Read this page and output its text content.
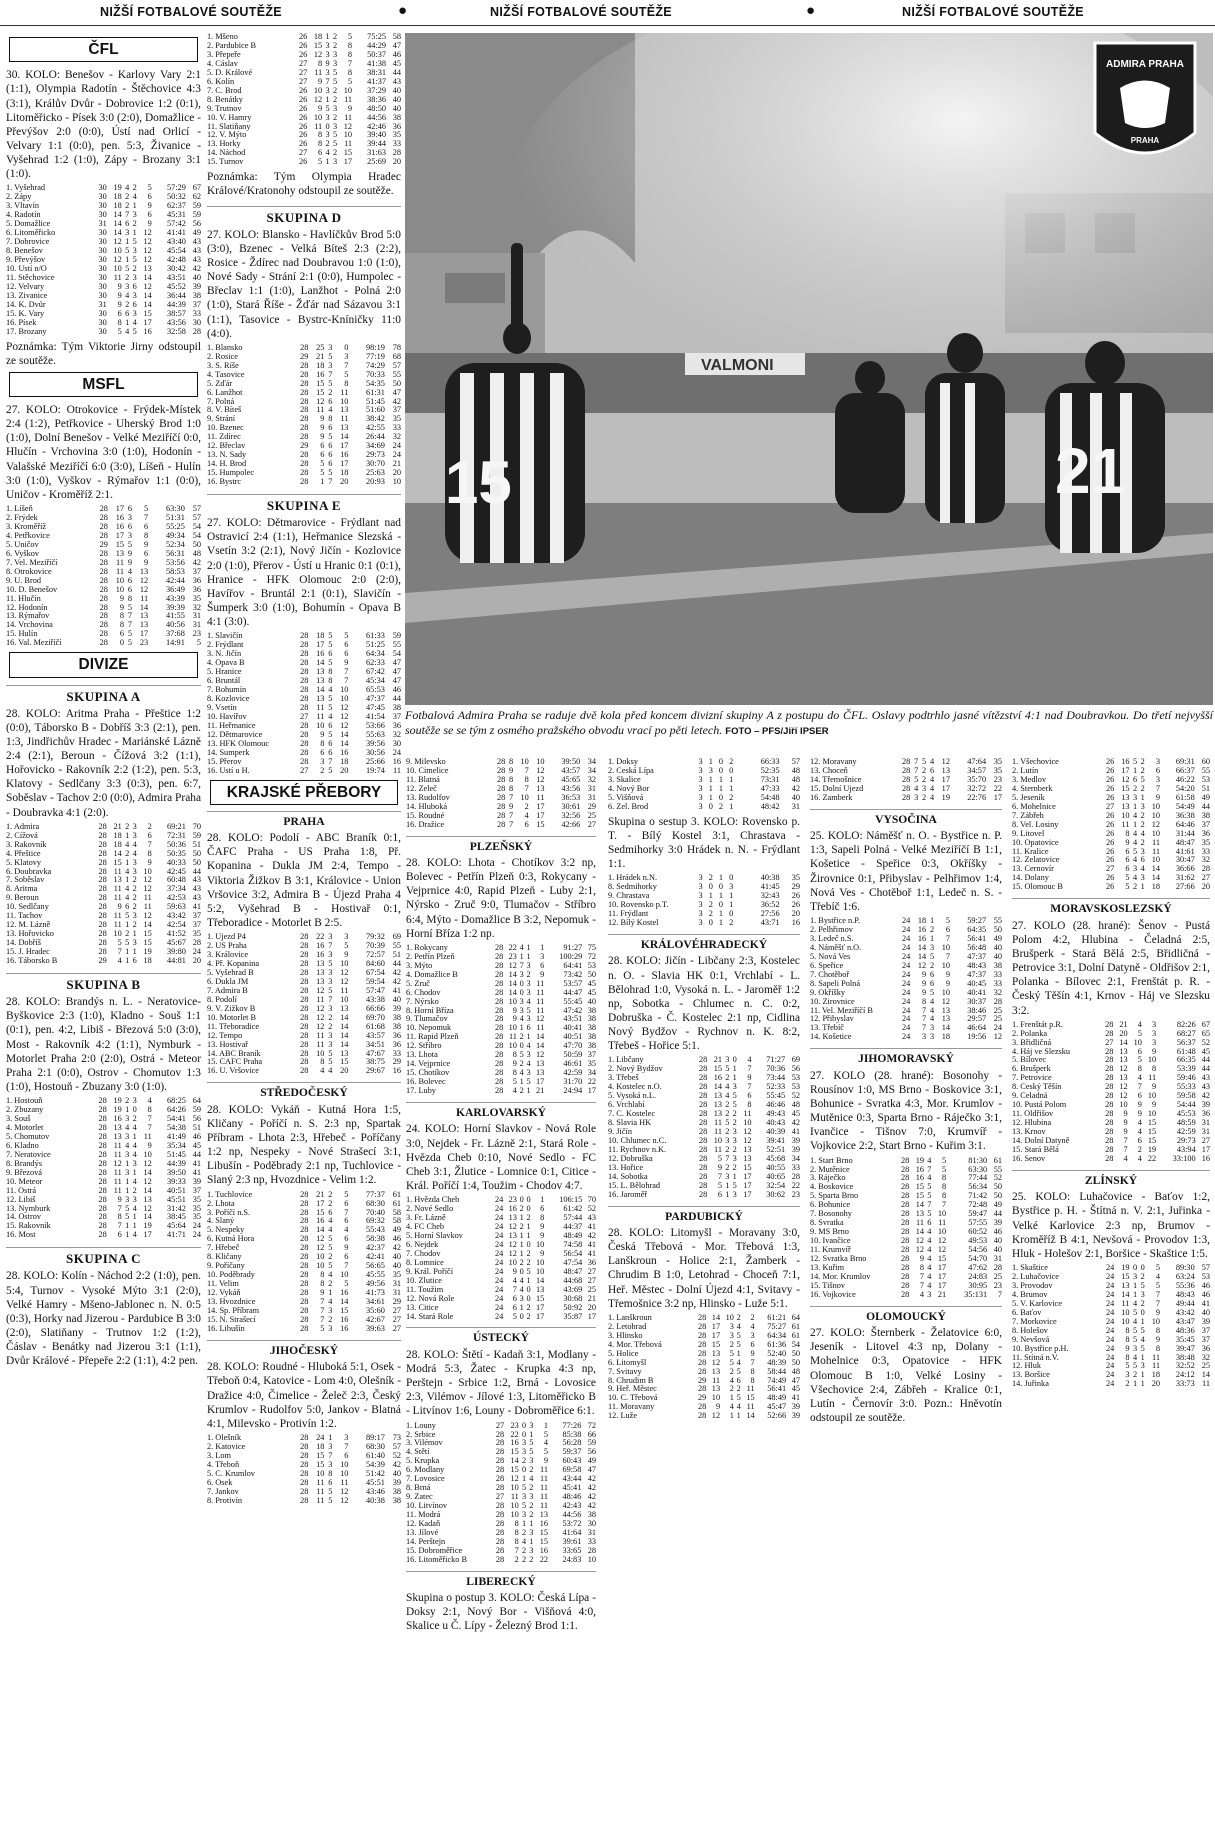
NIŽŠÍ FOTBALOVÉ SOUTĚŽE	●	NIŽŠÍ FOTBALOVÉ SOUTĚŽE	●	NIŽŠÍ FOTBALOVÉ SOUTĚŽE
ČFL

30. KOLO: Benešov - Karlovy Vary 2:1 (1:1), Olympia Radotín - Štěchovice 4:3 (3:1), Králův Dvůr - Dobrovice 1:2 (0:1), Litoměřicko - Písek 3:0 (2:0), Domažlice - Převýšov 2:0 (0:0), Ústí nad Orlicí - Velvary 1:1 (0:0), pen. 5:3, Živanice - Vyšehrad 1:2 (1:0), Zápy - Brozany 3:1 (1:0).

1. Vyšehrad	30	19	4	2	5	57:29	67
2. Zápy	30	18	2	4	6	50:32	62
3. Vltavín	30	18	2	1	9	62:37	59
4. Radotín	30	14	7	3	6	45:31	59
5. Domažlice	31	14	6	2	9	57:42	56
6. Litoměřicko	30	14	3	1	12	41:41	49
7. Dobrovice	30	12	1	5	12	43:40	43
8. Benešov	30	10	5	3	12	45:54	43
9. Převýšov	30	12	1	5	12	42:48	43
10. Ústí n/O	30	10	5	2	13	30:42	42
11. Štěchovice	30	11	2	3	14	43:51	40
12. Velvary	30	9	3	6	12	45:52	39
13. Živanice	30	9	4	3	14	36:44	38
14. K. Dvůr	31	9	2	6	14	44:39	37
15. K. Vary	30	6	6	3	15	38:57	33
16. Písek	30	8	1	4	17	43:56	30
17. Brozany	30	5	4	5	16	32:58	28

Poznámka: Tým Viktorie Jirny odstoupil ze soutěže.

MSFL

27. KOLO: Otrokovice - Frýdek-Místek 2:4 (1:2), Petřkovice - Uherský Brod 1:0 (1:0), Dolní Benešov - Velké Meziříčí 0:0, Hlučín - Vrchovina 3:0 (1:0), Hodonín - Valašské Meziříčí 6:0 (3:0), Líšeň - Hulín 3:0 (1:0), Vyškov - Rýmařov 1:1 (0:0), Uničov - Kroměříž 2:1.

1. Líšeň	28	17	6	5	63:30	57
2. Frýdek	28	16	3	7	51:31	57
3. Kroměříž	28	16	6	6	55:25	54
4. Petřkovice	28	17	3	8	49:34	54
5. Uničov	29	15	5	9	52:34	50
6. Vyškov	28	13	9	6	56:31	48
7. Vel. Meziříčí	28	11	9	9	53:56	42
8. Otrokovice	28	11	4	13	58:53	37
9. U. Brod	28	10	6	12	42:44	36
10. D. Benešov	28	10	6	12	36:49	36
11. Hlučín	28	9	8	11	43:39	35
12. Hodonín	28	9	5	14	39:39	32
13. Rýmařov	28	8	7	13	41:55	31
14. Vrchovina	28	8	7	13	40:56	31
15. Hulín	28	6	5	17	37:68	23
16. Val. Meziříčí	28	0	5	23	14:91	5
DIVIZE
SKUPINA A

28. KOLO: Aritma Praha - Přeštice 1:2 (0:0), Táborsko B - Dobříš 3:3 (2:1), pen. 1:3, Jindřichův Hradec - Mariánské Lázně 2:4 (2:1), Beroun - Čížová 3:2 (1:1), Hořovicko - Rakovník 2:2 (1:2), pen. 5:3, Klatovy - Sedlčany 3:3 (0:3), pen. 6:7, Soběslav - Tachov 2:0 (0:0), Admira Praha - Doubravka 4:1 (2:0).

1. Admira	28	21	2	3	2	69:21	70
2. Čížová	28	18	1	3	6	72:31	59
3. Rakovník	28	18	4	4	7	50:36	51
4. Přeštice	28	14	2	4	8	50:35	50
5. Klatovy	28	15	1	3	9	40:33	50
6. Doubravka	28	11	4	3	10	42:45	44
7. Soběslav	28	13	1	2	12	60:48	43
8. Aritma	28	11	4	2	12	37:34	43
9. Beroun	28	11	4	2	11	42:53	43
10. Sedlčany	28	9	6	2	11	59:63	41
11. Tachov	28	11	5	3	12	43:42	37
12. M. Lázně	28	11	1	2	14	42:54	37
13. Hořovicko	28	10	2	1	15	41:52	35
14. Dobříš	28	5	5	3	15	45:67	28
15. J. Hradec	28	7	1	1	19	39:80	24
16. Táborsko B	29	4	1	6	18	44:81	20
SKUPINA B

28. KOLO: Brandýs n. L. - Neratovice-Byškovice 2:3 (1:0), Kladno - Souš 1:1 (0:1), pen. 4:2, Libiš - Březová 5:0 (3:0), Most - Rakovník 4:2 (1:1), Nymburk - Motorlet Praha 2:0 (2:0), Ostrá - Meteor Praha 2:1 (0:0), Ostrov - Chomutov 1:3 (1:0), Hostouň - Zbuzany 3:0 (1:0).

1. Hostouň	28	19	2	3	4	68:25	64
2. Zbuzany	28	19	1	0	8	64:26	59
3. Souš	28	16	3	2	7	54:41	56
4. Motorlet	28	13	4	4	7	54:38	51
5. Chomutov	28	13	3	1	11	41:49	46
6. Kladno	28	11	4	4	9	35:34	45
7. Neratovice	28	11	3	4	10	51:45	44
8. Brandýs	28	12	1	3	12	44:39	41
9. Březová	28	11	3	1	14	39:50	41
10. Meteor	28	11	1	4	12	39:33	39
11. Ostrá	28	11	1	2	14	40:51	37
12. Libiš	28	9	3	3	13	45:51	35
13. Nymburk	28	7	5	4	12	31:42	35
14. Ostrov	28	8	5	1	14	38:45	35
15. Rakovník	28	7	1	1	19	45:64	24
16. Most	28	6	1	4	17	41:71	24
SKUPINA C

28. KOLO: Kolín - Náchod 2:2 (1:0), pen. 5:4, Turnov - Vysoké Mýto 3:1 (2:0), Velké Hamry - Mšeno-Jablonec n. N. 0:5 (0:3), Horky nad Jizerou - Pardubice B 3:0 (2:0), Slatiňany - Trutnov 1:2 (1:2), Čáslav - Benátky nad Jizerou 3:1 (1:1), Dvůr Králové - Přepeře 2:2 (1:1), 4:2 pen.

1. Mšeno	26	18	1	2	5	75:25	58
2. Pardubice B	26	15	3	2	8	44:29	47
3. Přepeře	26	12	3	3	8	50:37	46
4. Čáslav	27	8	9	3	7	41:38	45
5. D. Králové	27	11	3	5	8	38:31	44
6. Kolín	27	9	7	5	5	41:37	43
7. Č. Brod	26	10	3	2	10	37:29	40
8. Benátky	26	12	1	2	11	38:36	40
9. Trutnov	26	9	5	3	9	48:50	40
10. V. Hamry	26	10	3	2	11	44:56	38
11. Slatiňany	26	11	0	3	12	42:46	36
12. V. Mýto	26	8	3	5	10	39:40	35
13. Horky	26	8	2	5	11	39:44	33
14. Náchod	27	6	4	2	15	31:63	28
15. Turnov	26	5	1	3	17	25:69	20

Poznámka: Tým Olympia Hradec Králové/Kratonohy odstoupil ze soutěže.

SKUPINA D

27. KOLO: Blansko - Havlíčkův Brod 5:0 (3:0), Bzenec - Velká Bíteš 2:3 (2:2), Rosice - Ždírec nad Doubravou 1:0 (1:0), Nové Sady - Strání 2:1 (0:0), Humpolec - Břeclav 1:1 (1:0), Lanžhot - Polná 2:0 (1:0), Stará Říše - Žďár nad Sázavou 3:1 (1:1), Tasovice - Bystrc-Kníničky 11:0 (4:0).

1. Blansko	28	25	3	0	98:19	78
2. Rosice	29	21	5	3	77:19	68
3. S. Říše	28	18	3	7	74:29	57
4. Tasovice	28	16	7	5	70:33	55
5. Žďár	28	15	5	8	54:35	50
6. Lanžhot	28	15	2	11	61:31	47
7. Polná	28	12	6	10	51:45	42
8. V. Bíteš	28	11	4	13	51:60	37
9. Strání	28	9	8	11	38:42	35
10. Bzenec	28	9	6	13	42:55	33
11. Ždírec	28	9	5	14	26:44	32
12. Břeclav	29	6	6	17	34:69	24
13. N. Sady	28	6	6	16	29:73	24
14. H. Brod	28	5	6	17	30:70	21
15. Humpolec	28	5	5	18	25:63	20
16. Bystrc	28	1	7	20	20:93	10
SKUPINA E

27. KOLO: Dětmarovice - Frýdlant nad Ostravicí 2:4 (1:1), Heřmanice Slezská - Vsetín 3:2 (2:1), Nový Jičín - Kozlovice 2:0 (1:0), Přerov - Ústí u Hranic 0:1 (0:1), Hranice - HFK Olomouc 2:0 (2:0), Havířov - Bruntál 2:1 (0:1), Slavičín - Šumperk 3:0 (1:0), Bohumín - Opava B 4:1 (3:0).

1. Slavičín	28	18	5	5	61:33	59
2. Frýdlant	28	17	5	6	51:25	55
3. N. Jičín	28	16	6	6	64:34	54
4. Opava B	28	14	5	9	62:33	47
5. Hranice	28	13	8	7	67:42	47
6. Bruntál	28	13	8	7	45:34	47
7. Bohumín	28	14	4	10	65:53	46
8. Kozlovice	28	13	5	10	47:37	44
9. Vsetín	28	11	5	12	47:45	38
10. Havířov	27	11	4	12	41:54	37
11. Heřmanice	28	10	6	12	53:66	36
12. Dětmarovice	28	9	5	14	55:63	32
13. HFK Olomouc	28	8	6	14	39:56	30
14. Šumperk	28	6	6	16	30:56	24
15. Přerov	28	3	7	18	25:66	16
16. Ústí u H.	27	2	5	20	19:74	11
KRAJSKÉ PŘEBORY
PRAHA

28. KOLO: Podolí - ABC Braník 0:1, ČAFC Praha - US Praha 1:8, Př. Kopanina - Dukla JM 2:4, Tempo - Viktoria Žižkov B 3:1, Královice - Union Vršovice 3:2, Admira B - Újezd Praha 4 5:2, Vyšehrad B - Hostivař 0:1, Třeboradice - Motorlet B 2:5.

1. Újezd P4	28	22	3	3	79:32	69
2. US Praha	28	16	7	5	70:39	55
3. Královice	28	16	3	9	72:57	51
4. Př. Kopanina	28	13	5	10	84:60	44
5. Vyšehrad B	28	13	3	12	67:54	42
6. Dukla JM	28	13	3	12	59:54	42
7. Admira B	28	12	5	11	57:47	41
8. Podolí	28	11	7	10	43:38	40
9. V. Žižkov B	28	12	3	13	66:66	39
10. Motorlet B	28	12	2	14	69:70	38
11. Třeboradice	28	12	2	14	61:68	38
12. Tempo	28	11	3	14	43:57	36
13. Hostivař	28	11	3	14	34:51	36
14. ABC Braník	28	10	5	13	47:67	33
15. ČAFC Praha	28	8	5	15	38:75	29
16. U. Vršovice	28	4	4	20	29:67	16
STŘEDOČESKÝ

28. KOLO: Vykáň - Kutná Hora 1:5, Kličany - Poříčí n. S. 2:3 np, Spartak Příbram - Lhota 2:3, Hřebeč - Poříčany 1:2 np, Nespeky - Nové Strašecí 3:1, Libušín - Poděbrady 2:1 np, Tuchlovice - Slaný 2:3 np, Hvozdnice - Velim 1:2.

1. Tuchlovice	28	21	2	5	77:37	61
2. Lhota	28	17	2	6	68:30	61
3. Poříčí n.S.	28	15	6	7	70:40	58
4. Slaný	28	16	4	6	69:32	58
5. Nespeky	28	14	4	4	55:43	49
6. Kutná Hora	28	12	5	6	58:38	46
7. Hřebeč	28	12	5	9	42:37	42
8. Kličany	28	10	2	6	42:41	40
9. Poříčany	28	10	5	7	56:65	40
10. Poděbrady	28	8	4	10	45:55	35
11. Velim	28	8	2	5	49:56	31
12. Vykáň	28	9	1	16	41:73	31
13. Hvozdnice	28	7	4	14	34:61	29
14. Sp. Příbram	28	7	3	15	35:60	27
15. N. Strašecí	28	7	2	16	42:67	27
16. Libušín	28	5	3	16	39:63	27
JIHOČESKÝ

28. KOLO: Roudné - Hluboká 5:1, Osek - Třeboň 0:4, Katovice - Lom 4:0, Olešník - Dražice 4:0, Čimelice - Želeč 2:3, Český Krumlov - Rudolfov 5:0, Jankov - Blatná 4:1, Milevsko - Protivín 1:2.

1. Olešník	28	24	1	3	89:17	73
2. Katovice	28	18	3	7	68:30	57
3. Lom	28	15	7	6	61:40	52
4. Třeboň	28	15	3	10	54:39	42
5. Č. Krumlov	28	10	8	10	51:42	40
6. Osek	28	11	6	11	45:51	39
7. Jankov	28	11	5	12	43:46	38
8. Protivín	28	11	5	12	40:38	38
15	21
VALMONI
ADMIRA PRAHA
PRAHA
Fotbalová Admira Praha se raduje dvě kola před koncem divizní skupiny A z postupu do ČFL. Oslavy podtrhlo jasné vítězství 4:1 nad Doubravkou. Do třetí nejvyšší soutěže se se tým z osmého pražského obvodu vrací po pěti letech. FOTO – PFS/Jiří IPSER
9. Milevsko	28	8	10	10	39:50	34
10. Čimelice	28	9	7	12	43:57	34
11. Blatná	28	8	8	12	45:65	32
12. Želeč	28	8	7	13	43:56	31
13. Rudolfov	28	7	10	11	36:53	31
14. Hluboká	28	9	2	17	30:61	29
15. Roudné	28	7	4	17	32:56	25
16. Dražice	28	7	6	15	42:66	27
PLZEŇSKÝ

28. KOLO: Lhota - Chotíkov 3:2 np, Bolevec - Petřín Plzeň 0:3, Rokycany - Vejprnice 4:0, Rapid Plzeň - Luby 2:1, Nýrsko - Zruč 9:0, Tlumačov - Stříbro 6:4, Mýto - Domažlice B 3:2, Nepomuk - Horní Bříza 1:2 np.

1. Rokycany	28	22	4	1	1	91:27	75
2. Petřín Plzeň	28	23	1	1	3	100:29	72
3. Mýto	28	12	7	3	6	64:41	53
4. Domažlice B	28	14	3	2	9	73:42	50
5. Zruč	28	14	0	3	11	53:57	45
6. Chodov	28	14	0	3	11	44:47	45
7. Nýrsko	28	10	3	4	11	55:45	40
8. Horní Bříza	28	9	3	5	11	47:42	38
9. Tlumačov	28	9	4	3	12	43:51	38
10. Nepomuk	28	10	1	6	11	40:41	38
11. Rapid Plzeň	28	11	2	1	14	40:51	38
12. Stříbro	28	10	0	4	14	47:70	38
13. Lhota	28	8	5	3	12	50:59	37
14. Vejprnice	28	9	2	4	13	46:61	35
15. Chotíkov	28	8	4	3	13	42:59	34
16. Bolevec	28	5	1	5	17	31:70	22
17. Luby	28	4	2	1	21	24:94	17
KARLOVARSKÝ

24. KOLO: Horní Slavkov - Nová Role 3:0, Nejdek - Fr. Lázně 2:1, Stará Role - Hvězda Cheb 0:10, Nové Sedlo - FC Cheb 3:1, Žlutice - Lomnice 0:1, Citice - Král. Poříčí 1:4, Toužim - Chodov 4:7.

1. Hvězda Cheb	24	23	0	0	1	106:15	70
2. Nové Sedlo	24	16	2	0	6	61:42	52
3. Fr. Lázně	24	13	1	2	8	57:44	43
4. FC Cheb	24	12	2	1	9	44:37	41
5. Horní Slavkov	24	13	1	1	9	48:49	42
6. Nejdek	24	12	1	0	10	74:58	41
7. Chodov	24	12	1	2	9	56:54	41
8. Lomnice	24	10	2	2	10	47:54	36
9. Král. Poříčí	24	9	0	5	10	48:47	27
10. Žlutice	24	4	4	1	14	44:68	27
11. Toužim	24	7	4	0	13	43:69	25
12. Nová Role	24	6	3	0	15	30:68	21
13. Citice	24	6	1	2	17	50:92	20
14. Stará Role	24	5	0	2	17	35:87	17
ÚSTECKÝ

28. KOLO: Štětí - Kadaň 3:1, Modlany - Modrá 5:3, Žatec - Krupka 4:3 np, Perštejn - Srbice 1:2, Brná - Lovosice 2:3, Vilémov - Jílové 1:3, Litoměřicko B - Litvínov 1:6, Louny - Dobroměřice 6:1.

1. Louny	27	23	0	3	1	77:26	72
2. Srbice	28	22	0	1	5	85:38	66
3. Vilémov	28	16	3	5	4	56:28	59
4. Štětí	28	15	3	5	5	59:37	56
5. Krupka	28	14	2	3	9	60:43	49
6. Modlany	28	15	0	2	11	69:58	47
7. Lovosice	28	12	1	4	11	43:44	42
8. Brná	28	10	5	2	11	45:41	42
9. Žatec	27	11	3	3	11	48:46	42
10. Litvínov	28	10	5	2	11	42:43	42
11. Modrá	28	10	3	2	13	44:56	38
12. Kadaň	28	8	1	1	16	53:72	30
13. Jílové	28	8	2	3	15	41:64	31
14. Perštejn	28	8	4	1	15	39:61	33
15. Dobroměřice	28	7	2	3	16	33:65	28
16. Litoměřicko B	28	2	2	2	22	24:83	10
LIBERECKÝ

Skupina o postup 3. KOLO: Česká Lípa - Doksy 2:1, Nový Bor - Višňová 4:0, Skalice u Č. Lípy - Železný Brod 1:1.

1. Doksy	3	1	0	2	66:33	57
2. Česká Lípa	3	3	0	0	52:35	48
3. Skalice	3	1	1	1	73:31	48
4. Nový Bor	3	1	1	1	47:33	42
5. Višňová	3	1	0	2	54:48	40
6. Žel. Brod	3	0	2	1	48:42	31

Skupina o sestup 3. KOLO: Rovensko p. T. - Bílý Kostel 3:1, Chrastava - Sedmihorky 3:0 Hrádek n. N. - Frýdlant 1:1.

1. Hrádek n.N.	3	2	1	0	40:38	35
8. Sedmihorky	3	0	0	3	41:45	29
9. Chrastava	3	1	1	1	32:43	26
10. Rovensko p.T.	3	2	0	1	36:52	26
11. Frýdlant	3	2	1	0	27:56	20
12. Bílý Kostel	3	0	1	2	43:71	16
KRÁLOVÉHRADECKÝ

28. KOLO: Jičín - Libčany 2:3, Kostelec n. O. - Slavia HK 0:1, Vrchlabí - L. Bělohrad 1:0, Vysoká n. L. - Jaroměř 1:2 np, Sobotka - Chlumec n. C. 0:2, Dobruška - Č. Kostelec 2:1 np, Cidlina Nový Bydžov - Rychnov n. K. 8:2, Třebeš - Hořice 5:1.

1. Libčany	28	21	3	0	4	71:27	69
2. Nový Bydžov	28	15	5	1	7	70:36	56
3. Třebeš	28	16	2	1	9	73:44	53
4. Kostelec n.O.	28	14	4	3	7	52:33	53
5. Vysoká n.L.	28	13	4	5	6	55:45	52
6. Vrchlabí	28	13	2	5	8	46:46	48
7. Č. Kostelec	28	13	2	2	11	49:43	45
8. Slavia HK	28	11	5	2	10	40:43	42
9. Jičín	28	11	2	3	12	40:39	41
10. Chlumec n.C.	28	10	3	3	12	39:41	39
11. Rychnov n.K.	28	11	2	2	13	52:51	39
12. Dobruška	28	5	7	3	13	45:68	34
13. Hořice	28	9	2	2	15	40:55	33
14. Sobotka	28	7	3	1	17	40:65	28
15. L. Bělohrad	28	5	1	5	17	32:54	22
16. Jaroměř	28	6	1	3	17	30:62	23
PARDUBICKÝ

28. KOLO: Litomyšl - Moravany 3:0, Česká Třebová - Mor. Třebová 1:3, Lanškroun - Holice 2:1, Žamberk - Chrudim B 1:0, Letohrad - Choceň 7:1, Heř. Městec - Dolní Újezd 4:1, Svitavy - Třemošnice 3:2 np, Hlinsko - Luže 5:1.

1. Lanškroun	28	14	10	2	2	61:21	64
2. Letohrad	28	17	3	4	4	75:27	61
3. Hlinsko	28	17	3	5	3	64:34	61
4. Mor. Třebová	28	15	2	5	6	61:36	54
5. Holice	28	13	5	1	9	52:40	50
6. Litomyšl	28	12	5	4	7	48:39	50
7. Svitavy	28	13	2	5	8	58:44	48
8. Chrudim B	29	11	4	6	8	74:49	47
9. Heř. Městec	28	13	2	2	11	56:41	45
10. Č. Třebová	29	10	1	5	15	48:49	41
11. Moravany	28	9	4	4	11	45:47	39
12. Luže	28	12	1	1	14	52:66	39
12. Moravany	28	7	5	4	12	47:64	35
13. Choceň	28	7	2	6	13	34:57	35
14. Třemošnice	28	5	2	4	17	35:70	23
15. Dolní Újezd	28	4	3	4	17	32:72	22
16. Žamberk	28	3	2	4	19	22:76	17
VYSOČINA

25. KOLO: Náměšť n. O. - Bystřice n. P. 1:3, Sapeli Polná - Velké Meziříčí B 1:1, Košetice - Speřice 0:3, Okříšky - Žirovnice 0:1, Přibyslav - Pelhřimov 1:4, Nová Ves - Chotěboř 1:1, Ledeč n. S. - Třebíč 1:6.

1. Bystřice n.P.	24	18	1	5	59:27	55
2. Pelhřimov	24	16	2	6	64:35	50
3. Ledeč n.S.	24	16	1	7	56:41	49
4. Náměšť n.O.	24	14	3	10	56:48	40
5. Nová Ves	24	14	5	7	47:37	40
6. Speřice	24	12	2	10	48:43	38
7. Chotěboř	24	9	6	9	47:37	33
8. Sapeli Polná	24	9	6	9	40:45	33
9. Okříšky	24	9	5	10	40:41	32
10. Žirovnice	24	8	4	12	30:37	28
11. Vel. Meziříčí B	24	7	4	13	38:46	25
12. Přibyslav	24	7	4	13	29:57	25
13. Třebíč	24	7	3	14	46:64	24
14. Košetice	24	3	3	18	19:56	12
JIHOMORAVSKÝ

27. KOLO (28. hrané): Bosonohy - Rousínov 1:0, MS Brno - Boskovice 3:1, Bohunice - Svratka 4:3, Mor. Krumlov - Mutěnice 0:3, Sparta Brno - Ráječko 3:1, Ivančice - Tišnov 7:0, Krumvíř - Vojkovice 2:2, Start Brno - Kuřim 3:1.

1. Start Brno	28	19	4	5	81:30	61
2. Mutěnice	28	16	7	5	63:30	55
3. Ráječko	28	16	4	8	77:44	52
4. Boskovice	28	15	5	8	56:34	50
5. Sparta Brno	28	15	5	8	71:42	50
6. Bohunice	28	14	7	7	72:48	49
7. Bosonohy	28	13	5	10	59:47	44
8. Svratka	28	11	6	11	57:55	39
9. MS Brno	28	14	4	10	60:52	46
10. Ivančice	28	12	4	12	49:53	40
11. Krumvíř	28	12	4	12	54:56	40
12. Svratka Brno	28	9	4	15	54:70	31
13. Kuřim	28	8	4	17	47:62	28
14. Mor. Krumlov	28	7	4	17	24:83	25
15. Tišnov	28	7	4	17	30:95	23
16. Vojkovice	28	4	3	21	35:131	7
OLOMOUCKÝ

27. KOLO: Šternberk - Želatovice 6:0, Jeseník - Litovel 4:3 np, Dolany - Mohelnice 0:3, Opatovice - HFK Olomouc B 1:0, Velké Losiny - Všechovice 2:4, Zábřeh - Kralice 0:1, Lutín - Černovír 3:0. Pozn.: Hněvotín odstoupil ze soutěže.

1. Všechovice	26	16	5	2	3	69:31	60
2. Lutín	26	17	1	2	6	66:37	55
3. Medlov	26	12	6	5	3	46:22	53
4. Šternberk	26	15	2	2	7	54:20	51
5. Jeseník	26	13	3	1	9	61:58	49
6. Mohelnice	27	13	1	3	10	54:49	44
7. Zábřeh	26	10	4	2	10	36:38	38
8. Vel. Losiny	26	11	1	2	12	64:46	37
9. Litovel	26	8	4	4	10	31:44	36
10. Opatovice	26	9	4	2	11	48:47	35
11. Kralice	26	6	5	3	11	41:61	33
12. Želatovice	26	6	4	6	10	30:47	32
13. Černovír	27	6	3	4	14	36:66	28
14. Dolany	26	5	4	3	14	31:62	27
15. Olomouc B	26	5	2	1	18	27:66	20
MORAVSKOSLEZSKÝ

27. KOLO (28. hrané): Šenov - Pustá Polom 4:2, Hlubina - Čeladná 2:5, Brušperk - Stará Bělá 2:5, Břidličná - Petrovice 3:1, Dolní Datyně - Oldřišov 2:1, Polanka - Bílovec 2:1, Frenštát p. R. - Český Těšín 4:1, Krnov - Háj ve Slezsku 3:2.

1. Frenštát p.R.	28	21	4	3	82:26	67
2. Polanka	28	20	5	3	68:27	65
3. Břidličná	27	14	10	3	56:37	52
4. Háj ve Slezsku	28	13	6	9	61:48	45
5. Bílovec	28	13	5	10	66:35	44
6. Brušperk	28	12	8	8	53:39	44
7. Petrovice	28	13	4	11	59:46	43
8. Český Těšín	28	12	7	9	55:33	43
9. Čeladná	28	12	6	10	59:58	42
10. Pustá Polom	28	10	9	9	54:44	39
11. Oldřišov	28	9	9	10	45:53	36
12. Hlubina	28	9	4	15	48:59	31
13. Krnov	28	9	4	15	42:59	31
14. Dolní Datyně	28	7	6	15	29:73	27
15. Stará Bělá	28	7	2	19	43:94	17
16. Šenov	28	4	4	22	33:100	16
ZLÍNSKÝ

25. KOLO: Luhačovice - Baťov 1:2, Bystřice p. H. - Štítná n. V. 2:1, Juřinka - Velké Karlovice 2:3 np, Brumov - Kroměříž B 4:1, Nevšová - Provodov 1:3, Hluk - Holešov 2:1, Boršice - Skaštice 1:5.

1. Skaštice	24	19	0	0	5	89:30	57
2. Luhačovice	24	15	3	2	4	63:24	53
3. Provodov	24	13	1	5	5	55:36	46
4. Brumov	24	14	1	3	7	48:43	46
5. V. Karlovice	24	11	4	2	7	49:44	41
6. Baťov	24	10	5	0	9	43:42	40
7. Morkovice	24	10	4	1	10	43:47	39
8. Holešov	24	8	5	5	8	48:36	37
9. Nevšová	24	8	5	4	9	35:45	37
10. Bystřice p.H.	24	9	3	5	8	39:47	36
11. Štítná n.V.	24	8	4	1	11	38:48	32
12. Hluk	24	5	5	3	11	32:52	25
13. Boršice	24	3	2	1	18	24:12	14
14. Juřinka	24	2	1	1	20	33:73	11
